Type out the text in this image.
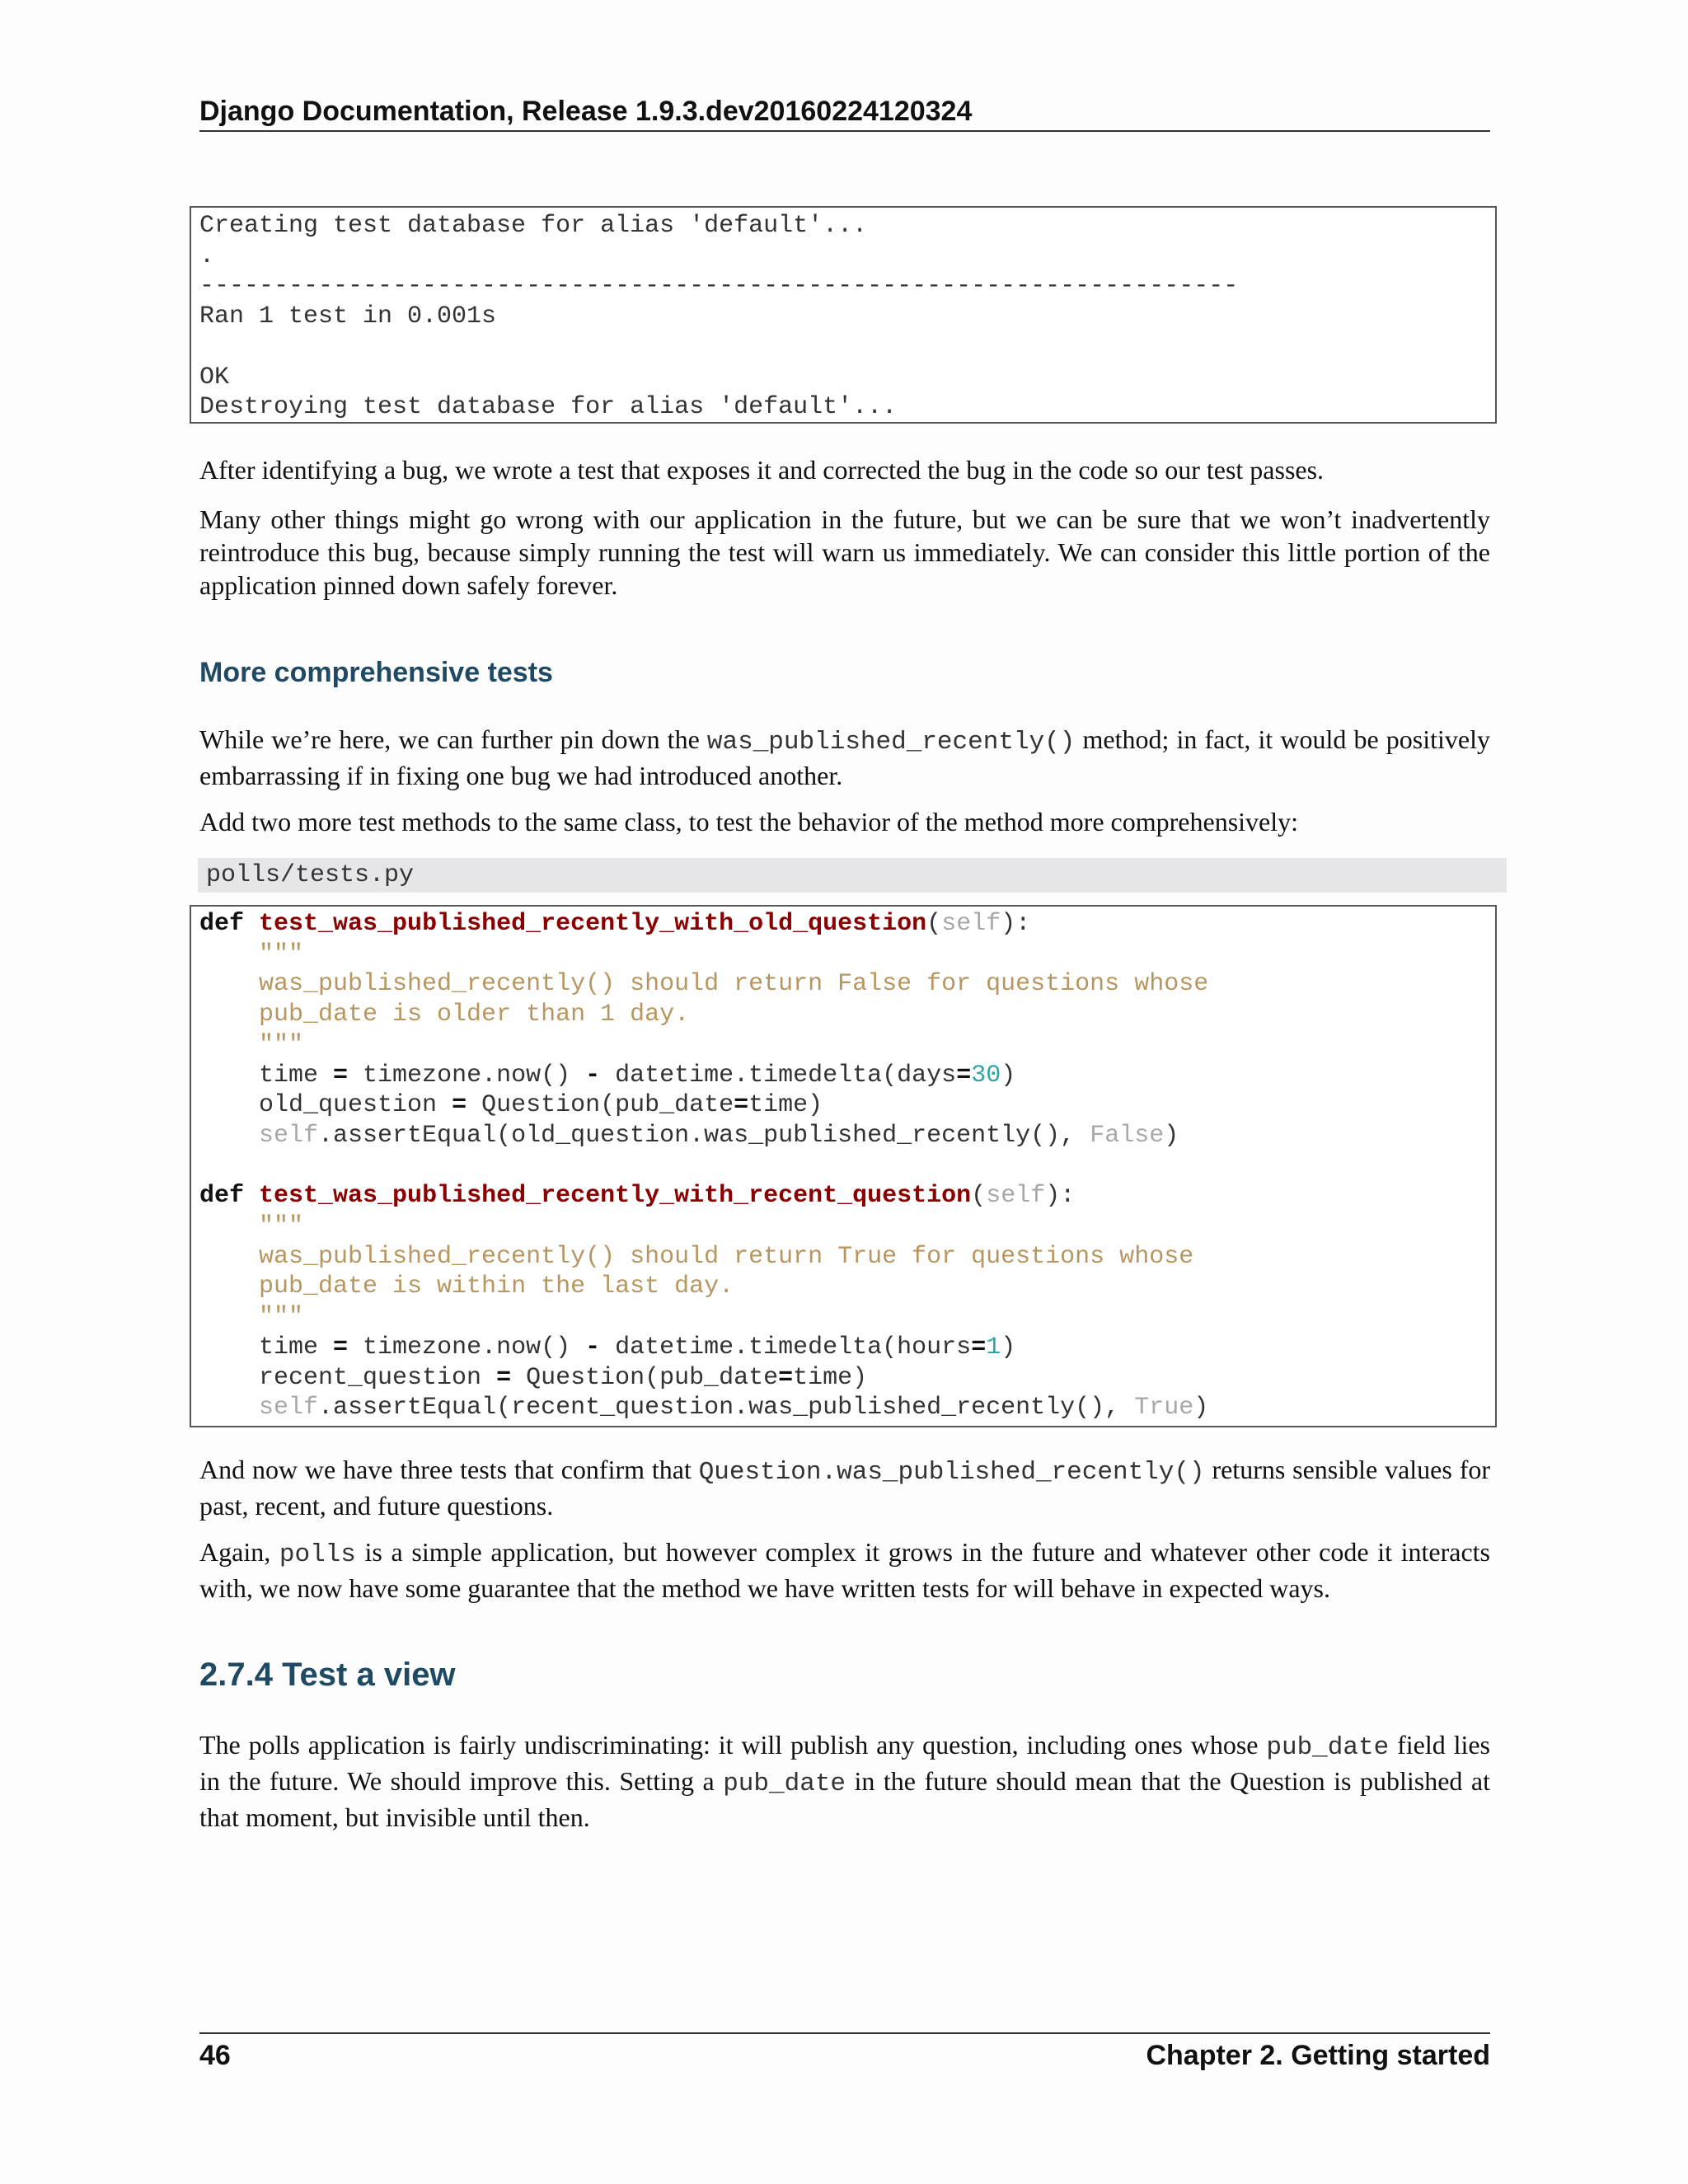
Django Documentation, Release 1.9.3.dev20160224120324
Creating test database for alias 'default'...
.
----------------------------------------------------------------------
Ran 1 test in 0.001s

OK
Destroying test database for alias 'default'...

After identifying a bug, we wrote a test that exposes it and corrected the bug in the code so our test passes.

Many other things might go wrong with our application in the future, but we can be sure that we won’t inadvertently reintroduce this bug, because simply running the test will warn us immediately. We can consider this little portion of the application pinned down safely forever.

More comprehensive tests

While we’re here, we can further pin down the was_published_recently() method; in fact, it would be positively embarrassing if in fixing one bug we had introduced another.

Add two more test methods to the same class, to test the behavior of the method more comprehensively:

polls/tests.py
def test_was_published_recently_with_old_question(self):
"""
was_published_recently() should return False for questions whose
pub_date is older than 1 day.
"""
time = timezone.now() - datetime.timedelta(days=30)
old_question = Question(pub_date=time)
self.assertEqual(old_question.was_published_recently(), False)

def test_was_published_recently_with_recent_question(self):
"""
was_published_recently() should return True for questions whose
pub_date is within the last day.
"""
time = timezone.now() - datetime.timedelta(hours=1)
recent_question = Question(pub_date=time)
self.assertEqual(recent_question.was_published_recently(), True)

And now we have three tests that confirm that Question.was_published_recently() returns sensible values for past, recent, and future questions.

Again, polls is a simple application, but however complex it grows in the future and whatever other code it interacts with, we now have some guarantee that the method we have written tests for will behave in expected ways.

2.7.4 Test a view

The polls application is fairly undiscriminating: it will publish any question, including ones whose pub_date field lies in the future. We should improve this. Setting a pub_date in the future should mean that the Question is published at that moment, but invisible until then.

46	Chapter 2. Getting started
